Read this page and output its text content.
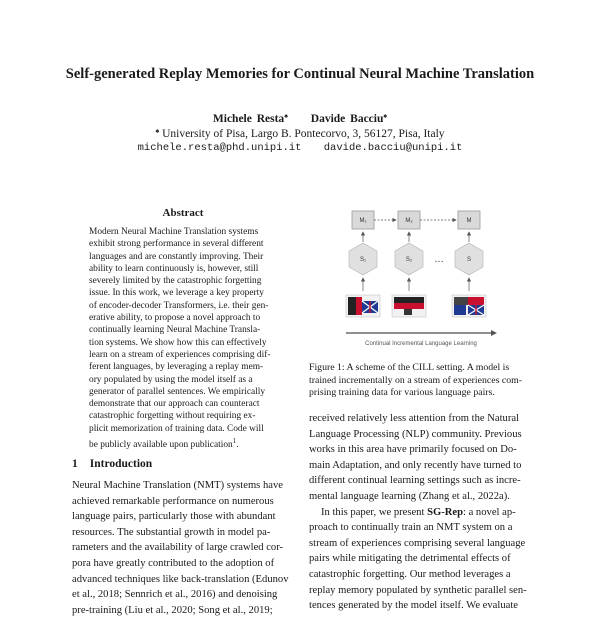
Self-generated Replay Memories for Continual Neural Machine Translation
Michele Resta♠ Davide Bacciu♠
♠ University of Pisa, Largo B. Pontecorvo, 3, 56127, Pisa, Italy
michele.resta@phd.unipi.it davide.bacciu@unipi.it
Abstract
Modern Neural Machine Translation systems
exhibit strong performance in several different
languages and are constantly improving. Their
ability to learn continuously is, however, still
severely limited by the catastrophic forgetting
issue. In this work, we leverage a key property
of encoder-decoder Transformers, i.e. their gen-
erative ability, to propose a novel approach to
continually learning Neural Machine Transla-
tion systems. We show how this can effectively
learn on a stream of experiences comprising dif-
ferent languages, by leveraging a replay mem-
ory populated by using the model itself as a
generator of parallel sentences. We empirically
demonstrate that our approach can counteract
catastrophic forgetting without requiring ex-
plicit memorization of training data. Code will
be publicly available upon publication$^1$.
1 Introduction
Neural Machine Translation (NMT) systems have
achieved remarkable performance on numerous
language pairs, particularly those with abundant
resources. The substantial growth in model pa-
rameters and the availability of large crawled cor-
pora have greatly contributed to the adoption of
advanced techniques like back-translation (Edunov
et al., 2018; Sennrich et al., 2016) and denoising
pre-training (Liu et al., 2020; Song et al., 2019;
M₁	M₂	M
S₁	S₂	S
…
Continual Incremental Language Learning
Figure 1: A scheme of the CILL setting. A model is
trained incrementally on a stream of experiences com-
prising training data for various language pairs.
received relatively less attention from the Natural
Language Processing (NLP) community. Previous
works in this area have primarily focused on Do-
main Adaptation, and only recently have turned to
different continual learning settings such as incre-
mental language learning (Zhang et al., 2022a).
In this paper, we present SG-Rep: a novel ap-
proach to continually train an NMT system on a
stream of experiences comprising several language
pairs while mitigating the detrimental effects of
catastrophic forgetting. Our method leverages a
replay memory populated by synthetic parallel sen-
tences generated by the model itself. We evaluate
